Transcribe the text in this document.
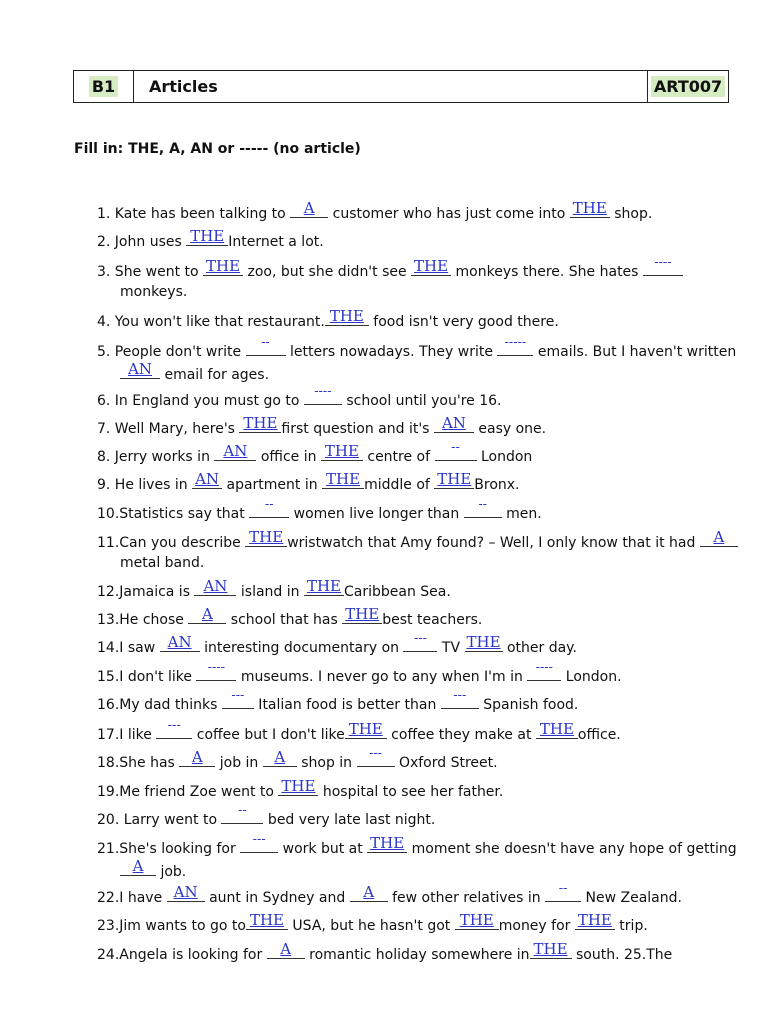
B1	Articles	ART007
Fill in: THE, A, AN or ----- (no article)
1. Kate has been talking to A customer who has just come into THE shop.
2. John uses THE Internet a lot.
3. She went to THE zoo, but she didn't see THE monkeys there. She hates
----
monkeys.
4. You won't like that restaurant. THE food isn't very good there.
5. People don't write
--
letters nowadays. They write
-----
emails. But I haven't written
AN email for ages.
6. In England you must go to
----
school until you're 16.
7. Well Mary, here's THE first question and it's AN easy one.
8. Jerry works in AN office in THE centre of
--
London
9. He lives in AN apartment in THE middle of THE Bronx.
10.Statistics say that
--
women live longer than
--
men.
11.Can you describe THE wristwatch that Amy found? – Well, I only know that it had A
metal band.
12.Jamaica is AN island in THE Caribbean Sea.
13.He chose A school that has THE best teachers.
14.I saw AN interesting documentary on
---
TV THE other day.
15.I don't like
----
museums. I never go to any when I'm in
----
London.
16.My dad thinks
---
Italian food is better than
---
Spanish food.
17.I like
---
coffee but I don't like THE coffee they make at THE office.
18.She has A job in A shop in
---
Oxford Street.
19.Me friend Zoe went to THE hospital to see her father.
20. Larry went to
--
bed very late last night.
21.She's looking for
---
work but at THE moment she doesn't have any hope of getting
A job.
22.I have AN aunt in Sydney and A few other relatives in
--
New Zealand.
23.Jim wants to go to THE USA, but he hasn't got THE money for THE trip.
24.Angela is looking for A romantic holiday somewhere in THE south. 25.The
